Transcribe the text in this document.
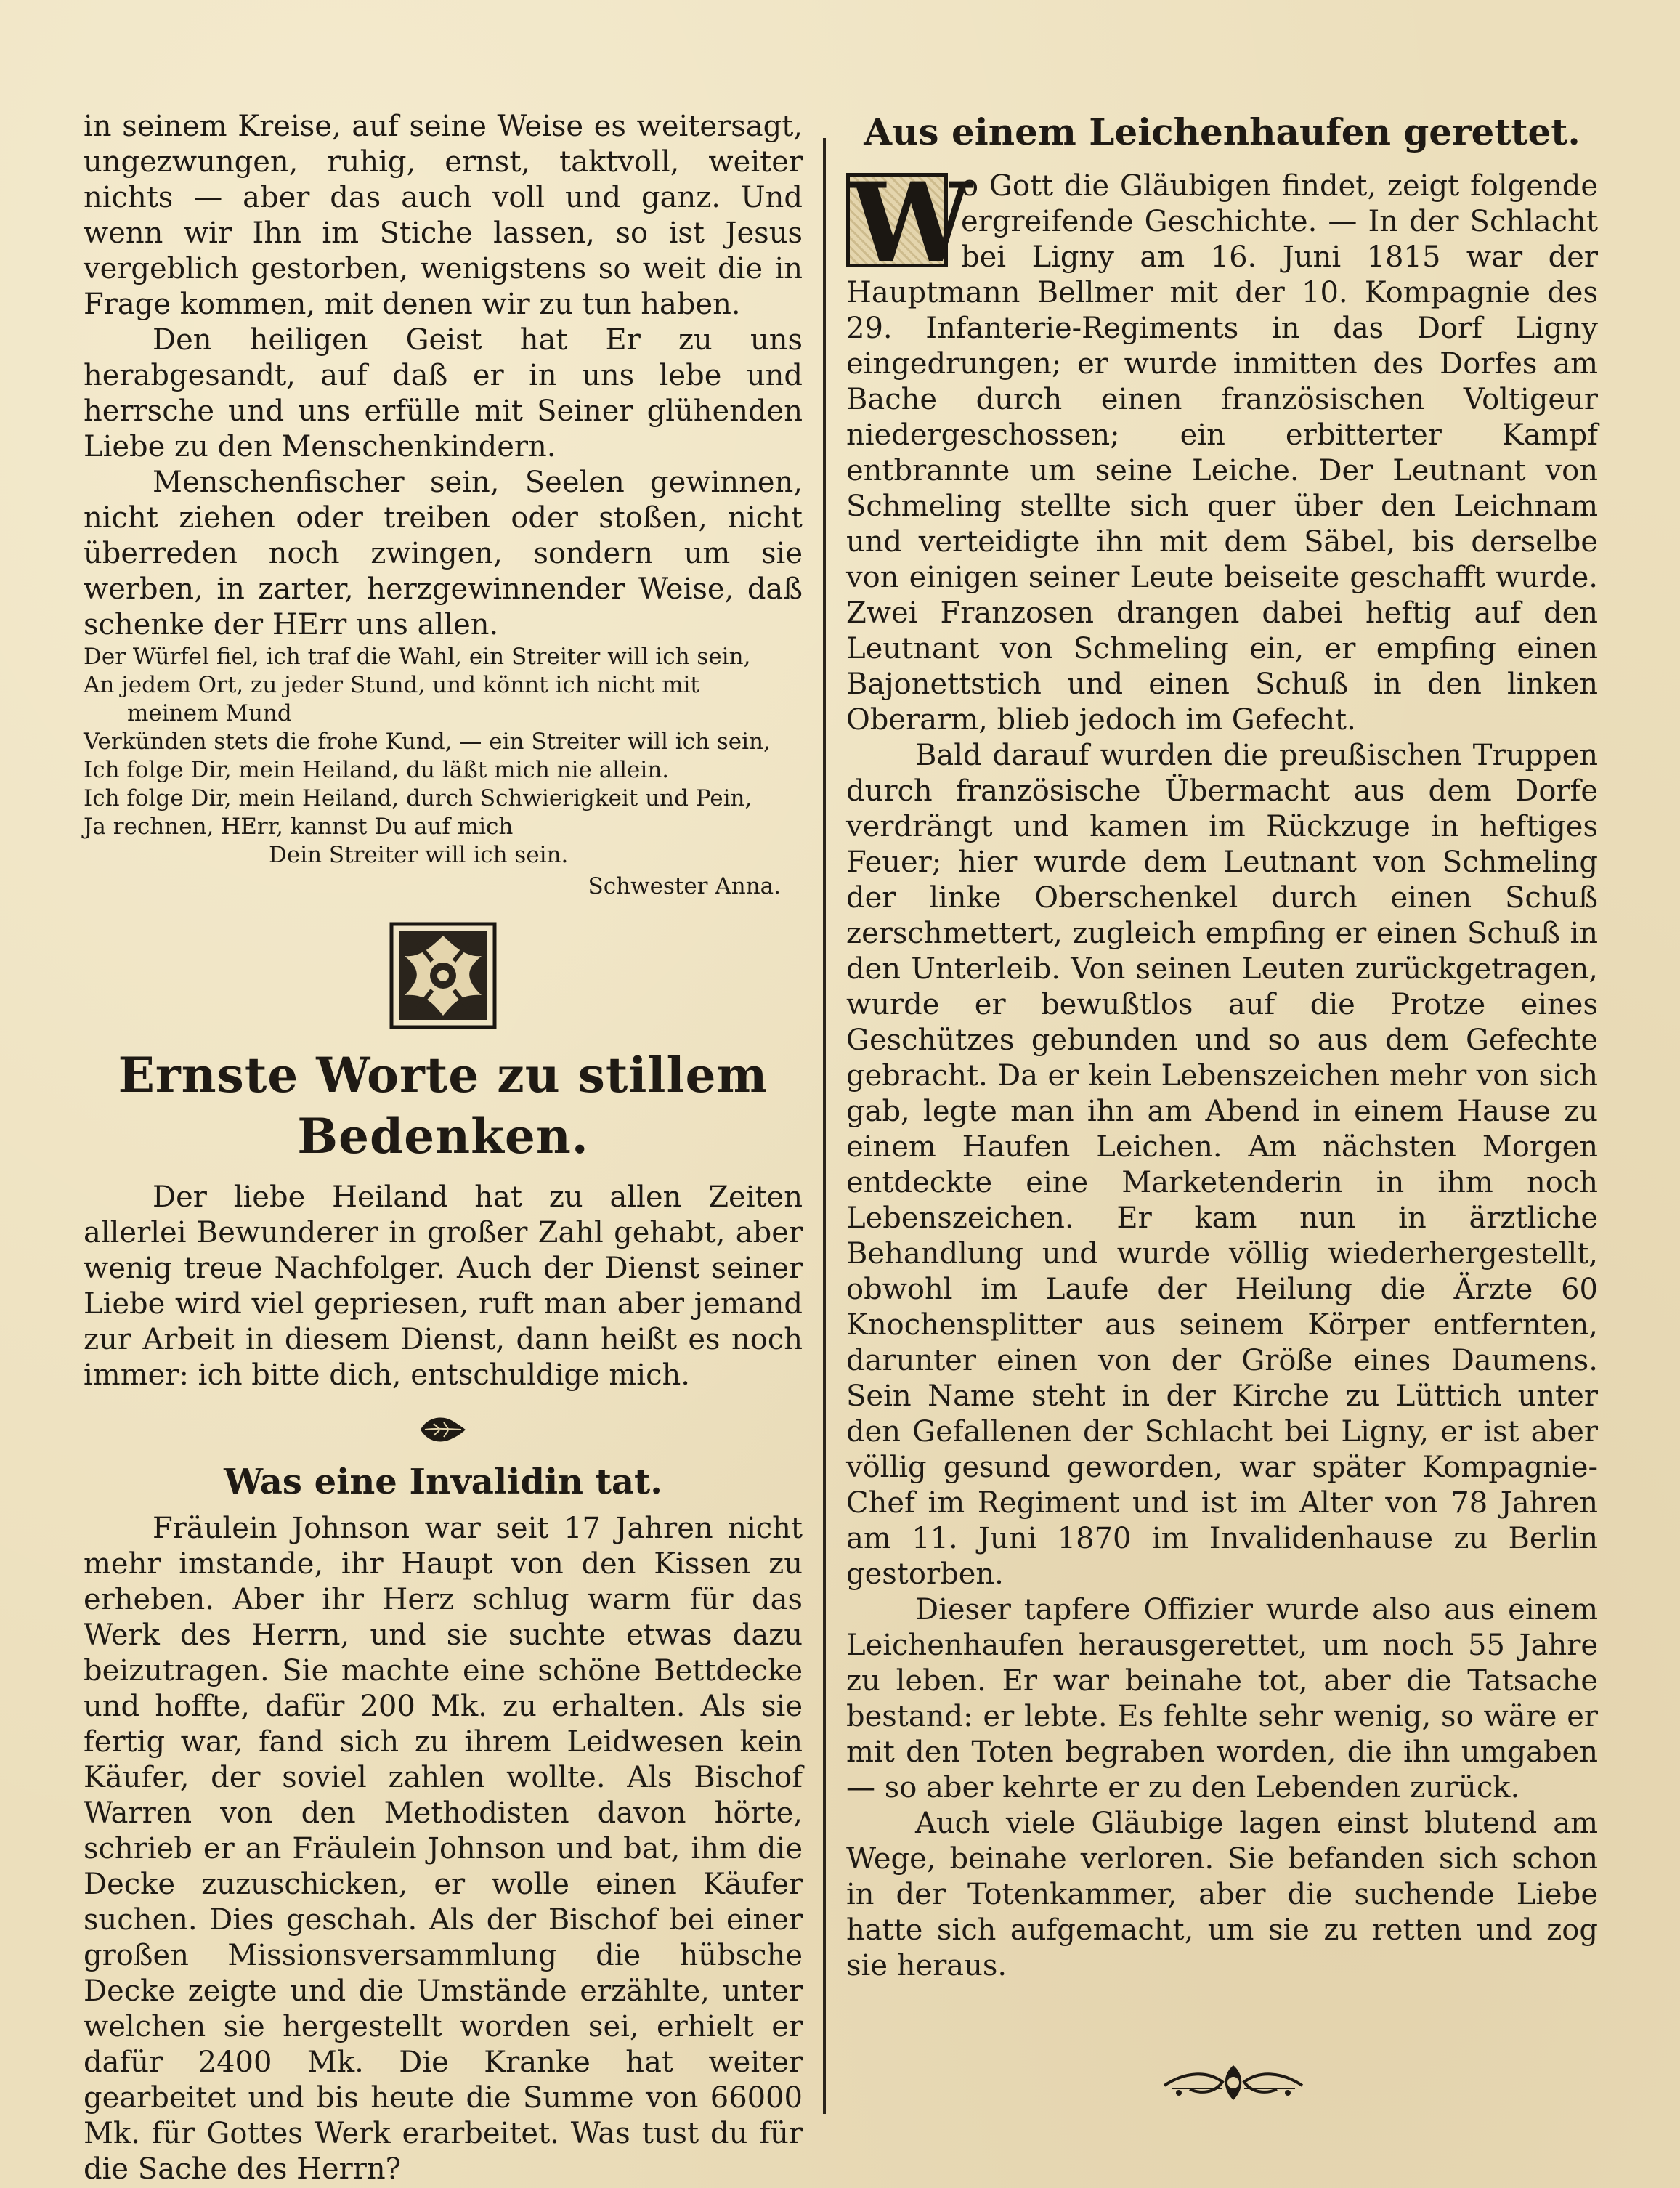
in seinem Kreise, auf seine Weise es weitersagt, ungezwungen, ruhig, ernst, taktvoll, weiter nichts — aber das auch voll und ganz. Und wenn wir Ihn im Stiche lassen, so ist Jesus vergeblich gestorben, wenigstens so weit die in Frage kommen, mit denen wir zu tun haben.

Den heiligen Geist hat Er zu uns herabgesandt, auf daß er in uns lebe und herrsche und uns erfülle mit Seiner glühenden Liebe zu den Menschenkindern.

Menschenfischer sein, Seelen gewinnen, nicht ziehen oder treiben oder stoßen, nicht überreden noch zwingen, sondern um sie werben, in zarter, herzgewinnender Weise, daß schenke der HErr uns allen.

Der Würfel fiel, ich traf die Wahl, ein Streiter will ich sein,

An jedem Ort, zu jeder Stund, und könnt ich nicht mit

meinem Mund

Verkünden stets die frohe Kund, — ein Streiter will ich sein,

Ich folge Dir, mein Heiland, du läßt mich nie allein.

Ich folge Dir, mein Heiland, durch Schwierigkeit und Pein,

Ja rechnen, HErr, kannst Du auf mich

Dein Streiter will ich sein.

Schwester Anna.

Ernste Worte zu stillem Bedenken.

Der liebe Heiland hat zu allen Zeiten allerlei Bewunderer in großer Zahl gehabt, aber wenig treue Nachfolger. Auch der Dienst seiner Liebe wird viel gepriesen, ruft man aber jemand zur Arbeit in diesem Dienst, dann heißt es noch immer: ich bitte dich, entschuldige mich.

Was eine Invalidin tat.

Fräulein Johnson war seit 17 Jahren nicht mehr imstande, ihr Haupt von den Kissen zu erheben. Aber ihr Herz schlug warm für das Werk des Herrn, und sie suchte etwas dazu beizutragen. Sie machte eine schöne Bettdecke und hoffte, dafür 200 Mk. zu erhalten. Als sie fertig war, fand sich zu ihrem Leidwesen kein Käufer, der soviel zahlen wollte. Als Bischof Warren von den Methodisten davon hörte, schrieb er an Fräulein Johnson und bat, ihm die Decke zuzuschicken, er wolle einen Käufer suchen. Dies geschah. Als der Bischof bei einer großen Missionsversammlung die hübsche Decke zeigte und die Umstände erzählte, unter welchen sie hergestellt worden sei, erhielt er dafür 2400 Mk. Die Kranke hat weiter gearbeitet und bis heute die Summe von 66000 Mk. für Gottes Werk erarbeitet. Was tust du für die Sache des Herrn?

Aus einem Leichenhaufen gerettet.
W

o Gott die Gläubigen findet, zeigt folgende ergreifende Geschichte. — In der Schlacht bei Ligny am 16. Juni 1815 war der Hauptmann Bellmer mit der 10. Kompagnie des 29. Infanterie-Regiments in das Dorf Ligny eingedrungen; er wurde inmitten des Dorfes am Bache durch einen französischen Voltigeur niedergeschossen; ein erbitterter Kampf entbrannte um seine Leiche. Der Leutnant von Schmeling stellte sich quer über den Leichnam und verteidigte ihn mit dem Säbel, bis derselbe von einigen seiner Leute beiseite geschafft wurde. Zwei Franzosen drangen dabei heftig auf den Leutnant von Schmeling ein, er empfing einen Bajonettstich und einen Schuß in den linken Oberarm, blieb jedoch im Gefecht.

Bald darauf wurden die preußischen Truppen durch französische Übermacht aus dem Dorfe verdrängt und kamen im Rückzuge in heftiges Feuer; hier wurde dem Leutnant von Schmeling der linke Oberschenkel durch einen Schuß zerschmettert, zugleich empfing er einen Schuß in den Unterleib. Von seinen Leuten zurückgetragen, wurde er bewußtlos auf die Protze eines Geschützes gebunden und so aus dem Gefechte gebracht. Da er kein Lebenszeichen mehr von sich gab, legte man ihn am Abend in einem Hause zu einem Haufen Leichen. Am nächsten Morgen entdeckte eine Marketenderin in ihm noch Lebenszeichen. Er kam nun in ärztliche Behandlung und wurde völlig wiederhergestellt, obwohl im Laufe der Heilung die Ärzte 60 Knochensplitter aus seinem Körper entfernten, darunter einen von der Größe eines Daumens. Sein Name steht in der Kirche zu Lüttich unter den Gefallenen der Schlacht bei Ligny, er ist aber völlig gesund geworden, war später Kompagnie-Chef im Regiment und ist im Alter von 78 Jahren am 11. Juni 1870 im Invalidenhause zu Berlin gestorben.

Dieser tapfere Offizier wurde also aus einem Leichenhaufen herausgerettet, um noch 55 Jahre zu leben. Er war beinahe tot, aber die Tatsache bestand: er lebte. Es fehlte sehr wenig, so wäre er mit den Toten begraben worden, die ihn umgaben — so aber kehrte er zu den Lebenden zurück.

Auch viele Gläubige lagen einst blutend am Wege, beinahe verloren. Sie befanden sich schon in der Totenkammer, aber die suchende Liebe hatte sich aufgemacht, um sie zu retten und zog sie heraus.
